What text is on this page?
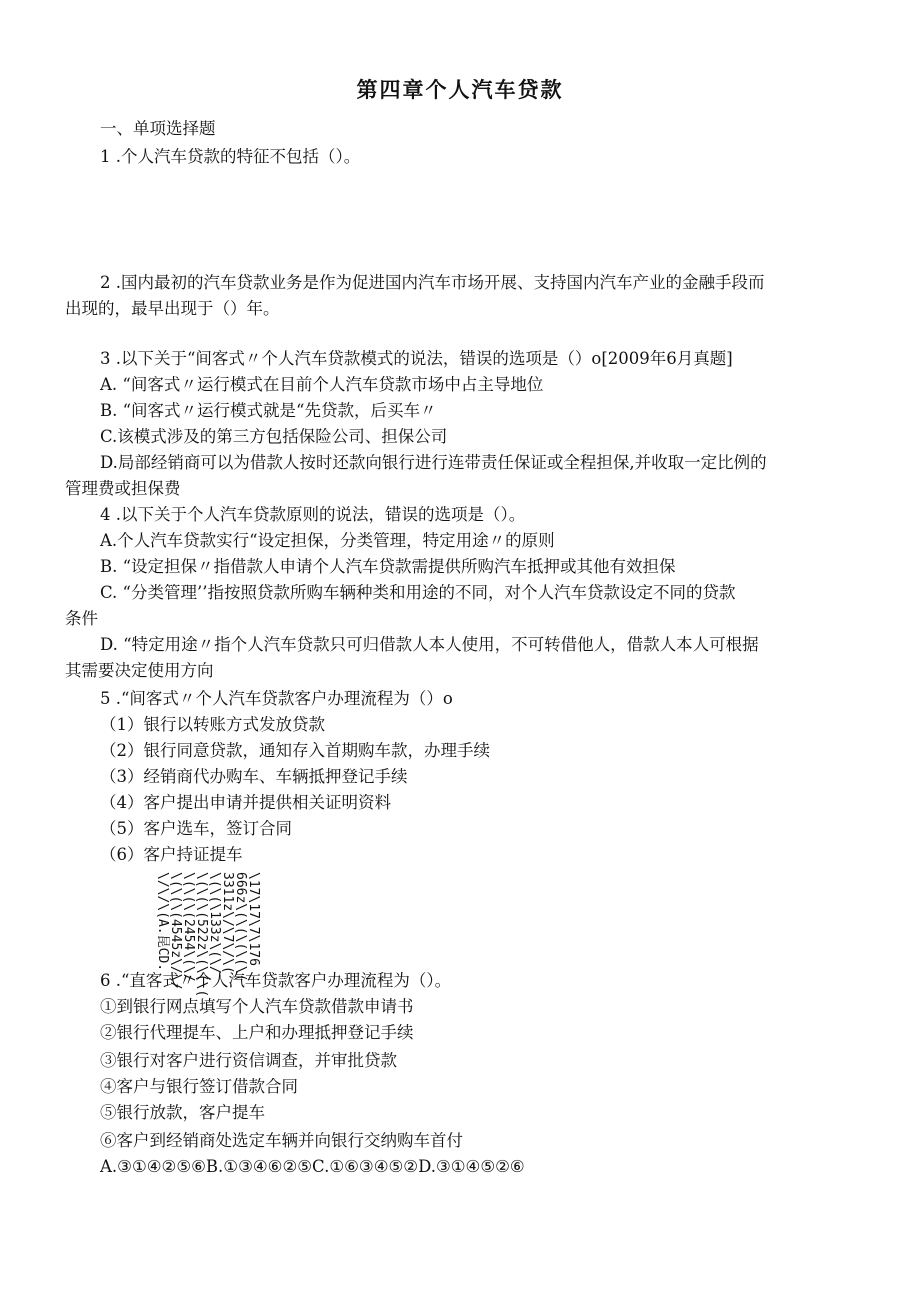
第四章个人汽车贷款
一、单项选择题
1 .个人汽车贷款的特征不包括（）。
2 .国内最初的汽车贷款业务是作为促进国内汽车市场开展、支持国内汽车产业的金融手段而
出现的，最早出现于（）年。
3 .以下关于“间客式〃个人汽车贷款模式的说法，错误的选项是（）o[2009年6月真题]
A. “间客式〃运行模式在目前个人汽车贷款市场中占主导地位
B. “间客式〃运行模式就是“先贷款，后买车〃
C.该模式涉及的第三方包括保险公司、担保公司
D.局部经销商可以为借款人按时还款向银行进行连带责任保证或全程担保,并收取一定比例的
管理费或担保费
4 .以下关于个人汽车贷款原则的说法，错误的选项是（）。
A.个人汽车贷款实行“设定担保，分类管理，特定用途〃的原则
B. “设定担保〃指借款人申请个人汽车贷款需提供所购汽车抵押或其他有效担保
C. “分类管理’’指按照贷款所购车辆种类和用途的不同，对个人汽车贷款设定不同的贷款
条件
D. “特定用途〃指个人汽车贷款只可归借款人本人使用，不可转借他人，借款人本人可根据
其需要决定使用方向
5 .“间客式〃个人汽车贷款客户办理流程为（）o
（1）银行以转账方式发放贷款
（2）银行同意贷款，通知存入首期购车款，办理手续
（3）经销商代办购车、车辆抵押登记手续
（4）客户提出申请并提供相关证明资料
（5）客户选车，签订合同
（6）客户持证提车
\17\17\7\176
666z\(\(\(\(\(
3311z\/\7\/\(
\(\(\133z\(\/
\(\(\(522z\(\(\(
\(\(\(2454\(\/
\(\(\(4545z\/\/
\/\/\(A.昆CD.
6 .“直客式〃个人汽车贷款客户办理流程为（）。
①到银行网点填写个人汽车贷款借款申请书
②银行代理提车、上户和办理抵押登记手续
③银行对客户进行资信调查，并审批贷款
④客户与银行签订借款合同
⑤银行放款，客户提车
⑥客户到经销商处选定车辆并向银行交纳购车首付
A.③①④②⑤⑥B.①③④⑥②⑤C.①⑥③④⑤②D.③①④⑤②⑥
